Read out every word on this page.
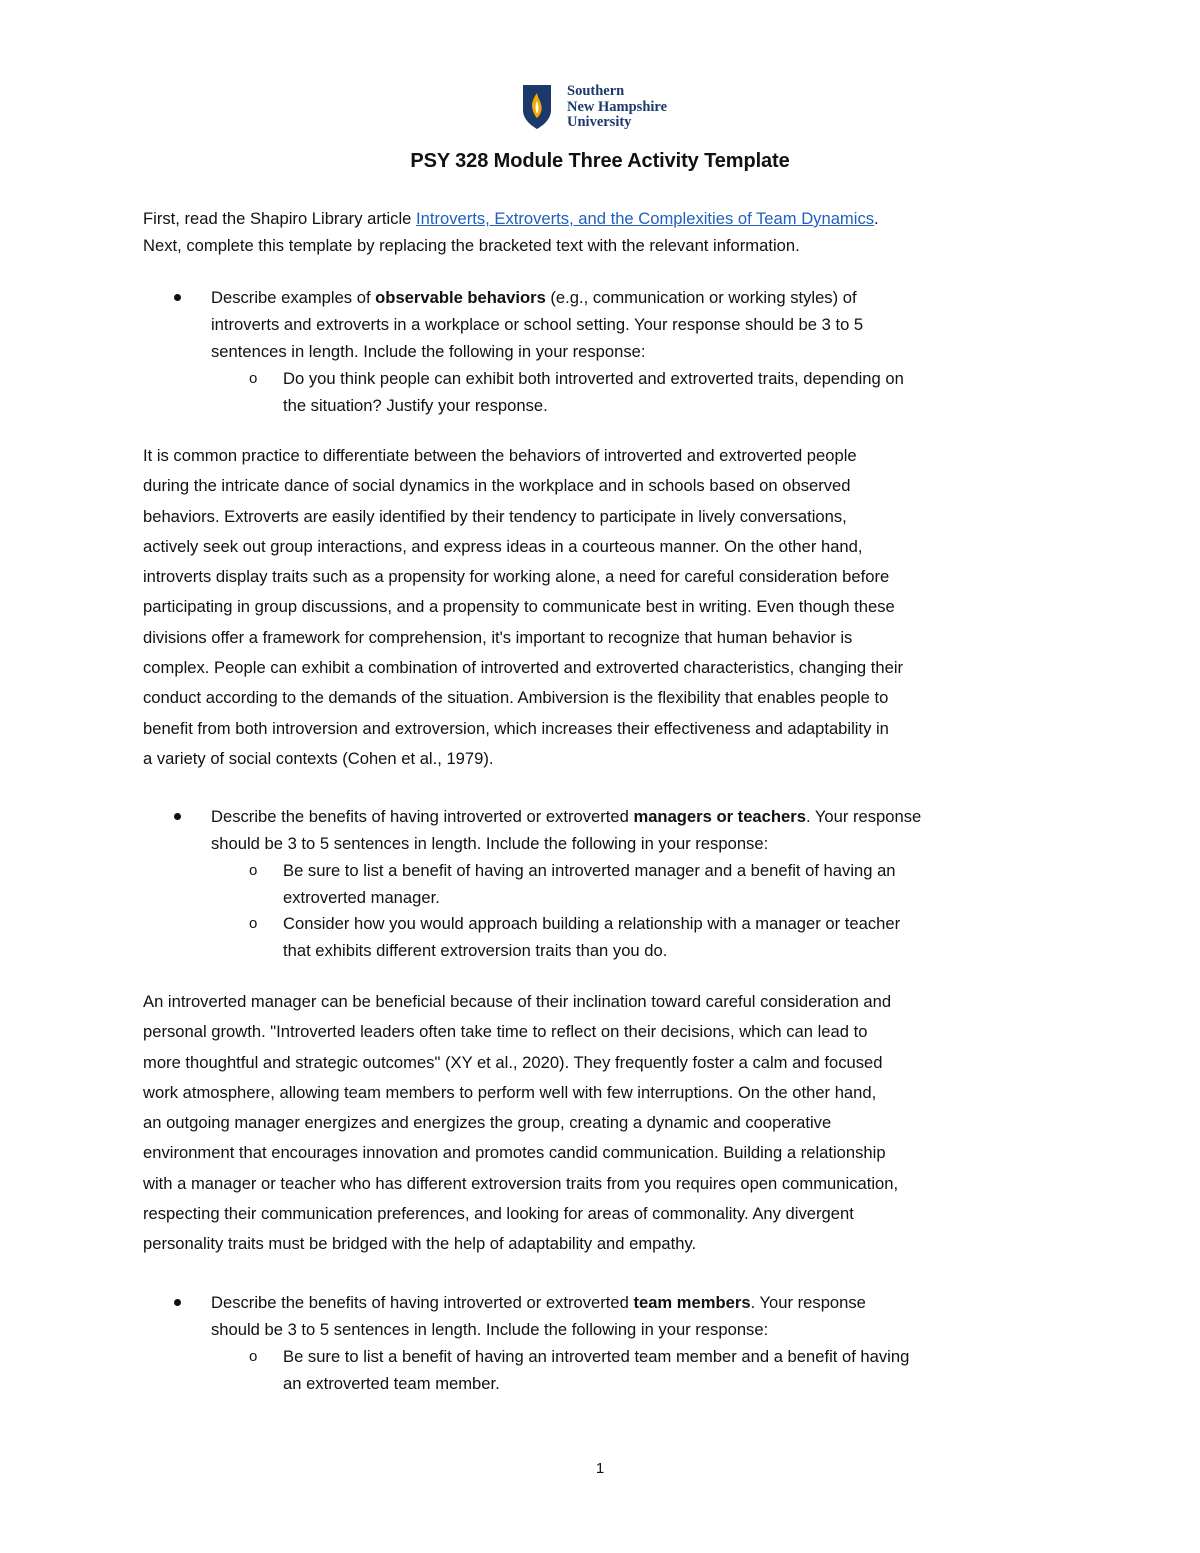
Southern
New Hampshire
University
PSY 328 Module Three Activity Template
First, read the Shapiro Library article Introverts, Extroverts, and the Complexities of Team Dynamics.
Next, complete this template by replacing the bracketed text with the relevant information.
Describe examples of observable behaviors (e.g., communication or working styles) of
introverts and extroverts in a workplace or school setting. Your response should be 3 to 5
sentences in length. Include the following in your response:
o Do you think people can exhibit both introverted and extroverted traits, depending on
the situation? Justify your response.
It is common practice to differentiate between the behaviors of introverted and extroverted people
during the intricate dance of social dynamics in the workplace and in schools based on observed
behaviors. Extroverts are easily identified by their tendency to participate in lively conversations,
actively seek out group interactions, and express ideas in a courteous manner. On the other hand,
introverts display traits such as a propensity for working alone, a need for careful consideration before
participating in group discussions, and a propensity to communicate best in writing. Even though these
divisions offer a framework for comprehension, it's important to recognize that human behavior is
complex. People can exhibit a combination of introverted and extroverted characteristics, changing their
conduct according to the demands of the situation. Ambiversion is the flexibility that enables people to
benefit from both introversion and extroversion, which increases their effectiveness and adaptability in
a variety of social contexts (Cohen et al., 1979).
Describe the benefits of having introverted or extroverted managers or teachers. Your response
should be 3 to 5 sentences in length. Include the following in your response:
o Be sure to list a benefit of having an introverted manager and a benefit of having an
extroverted manager.
o Consider how you would approach building a relationship with a manager or teacher
that exhibits different extroversion traits than you do.
An introverted manager can be beneficial because of their inclination toward careful consideration and
personal growth. "Introverted leaders often take time to reflect on their decisions, which can lead to
more thoughtful and strategic outcomes" (XY et al., 2020). They frequently foster a calm and focused
work atmosphere, allowing team members to perform well with few interruptions. On the other hand,
an outgoing manager energizes and energizes the group, creating a dynamic and cooperative
environment that encourages innovation and promotes candid communication. Building a relationship
with a manager or teacher who has different extroversion traits from you requires open communication,
respecting their communication preferences, and looking for areas of commonality. Any divergent
personality traits must be bridged with the help of adaptability and empathy.
Describe the benefits of having introverted or extroverted team members. Your response
should be 3 to 5 sentences in length. Include the following in your response:
o Be sure to list a benefit of having an introverted team member and a benefit of having
an extroverted team member.
1
